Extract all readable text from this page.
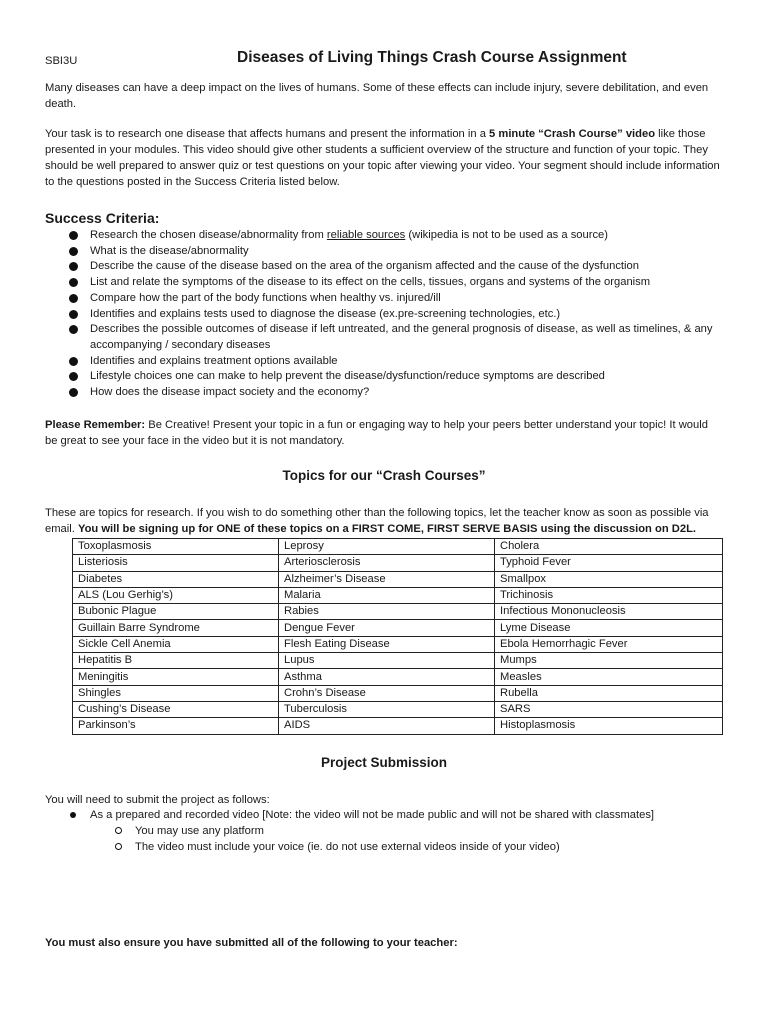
SBI3U	Diseases of Living Things Crash Course Assignment
Many diseases can have a deep impact on the lives of humans. Some of these effects can include injury, severe debilitation, and even death.
Your task is to research one disease that affects humans and present the information in a 5 minute “Crash Course” video like those presented in your modules. This video should give other students a sufficient overview of the structure and function of your topic. They should be well prepared to answer quiz or test questions on your topic after viewing your video. Your segment should include information to the questions posted in the Success Criteria listed below.
Success Criteria:
Research the chosen disease/abnormality from reliable sources (wikipedia is not to be used as a source)
What is the disease/abnormality
Describe the cause of the disease based on the area of the organism affected and the cause of the dysfunction
List and relate the symptoms of the disease to its effect on the cells, tissues, organs and systems of the organism
Compare how the part of the body functions when healthy vs. injured/ill
Identifies and explains tests used to diagnose the disease (ex.pre-screening technologies, etc.)
Describes the possible outcomes of disease if left untreated, and the general prognosis of disease, as well as timelines, & any accompanying / secondary diseases
Identifies and explains treatment options available
Lifestyle choices one can make to help prevent the disease/dysfunction/reduce symptoms are described
How does the disease impact society and the economy?
Please Remember: Be Creative! Present your topic in a fun or engaging way to help your peers better understand your topic! It would be great to see your face in the video but it is not mandatory.
Topics for our “Crash Courses”
These are topics for research. If you wish to do something other than the following topics, let the teacher know as soon as possible via email. You will be signing up for ONE of these topics on a FIRST COME, FIRST SERVE BASIS using the discussion on D2L.
Toxoplasmosis	Leprosy	Cholera
Listeriosis	Arteriosclerosis	Typhoid Fever
Diabetes	Alzheimer’s Disease	Smallpox
ALS (Lou Gerhig’s)	Malaria	Trichinosis
Bubonic Plague	Rabies	Infectious Mononucleosis
Guillain Barre Syndrome	Dengue Fever	Lyme Disease
Sickle Cell Anemia	Flesh Eating Disease	Ebola Hemorrhagic Fever
Hepatitis B	Lupus	Mumps
Meningitis	Asthma	Measles
Shingles	Crohn’s Disease	Rubella
Cushing’s Disease	Tuberculosis	SARS
Parkinson’s	AIDS	Histoplasmosis
Project Submission
You will need to submit the project as follows:
As a prepared and recorded video [Note: the video will not be made public and will not be shared with classmates]
You may use any platform
The video must include your voice (ie. do not use external videos inside of your video)
You must also ensure you have submitted all of the following to your teacher:
